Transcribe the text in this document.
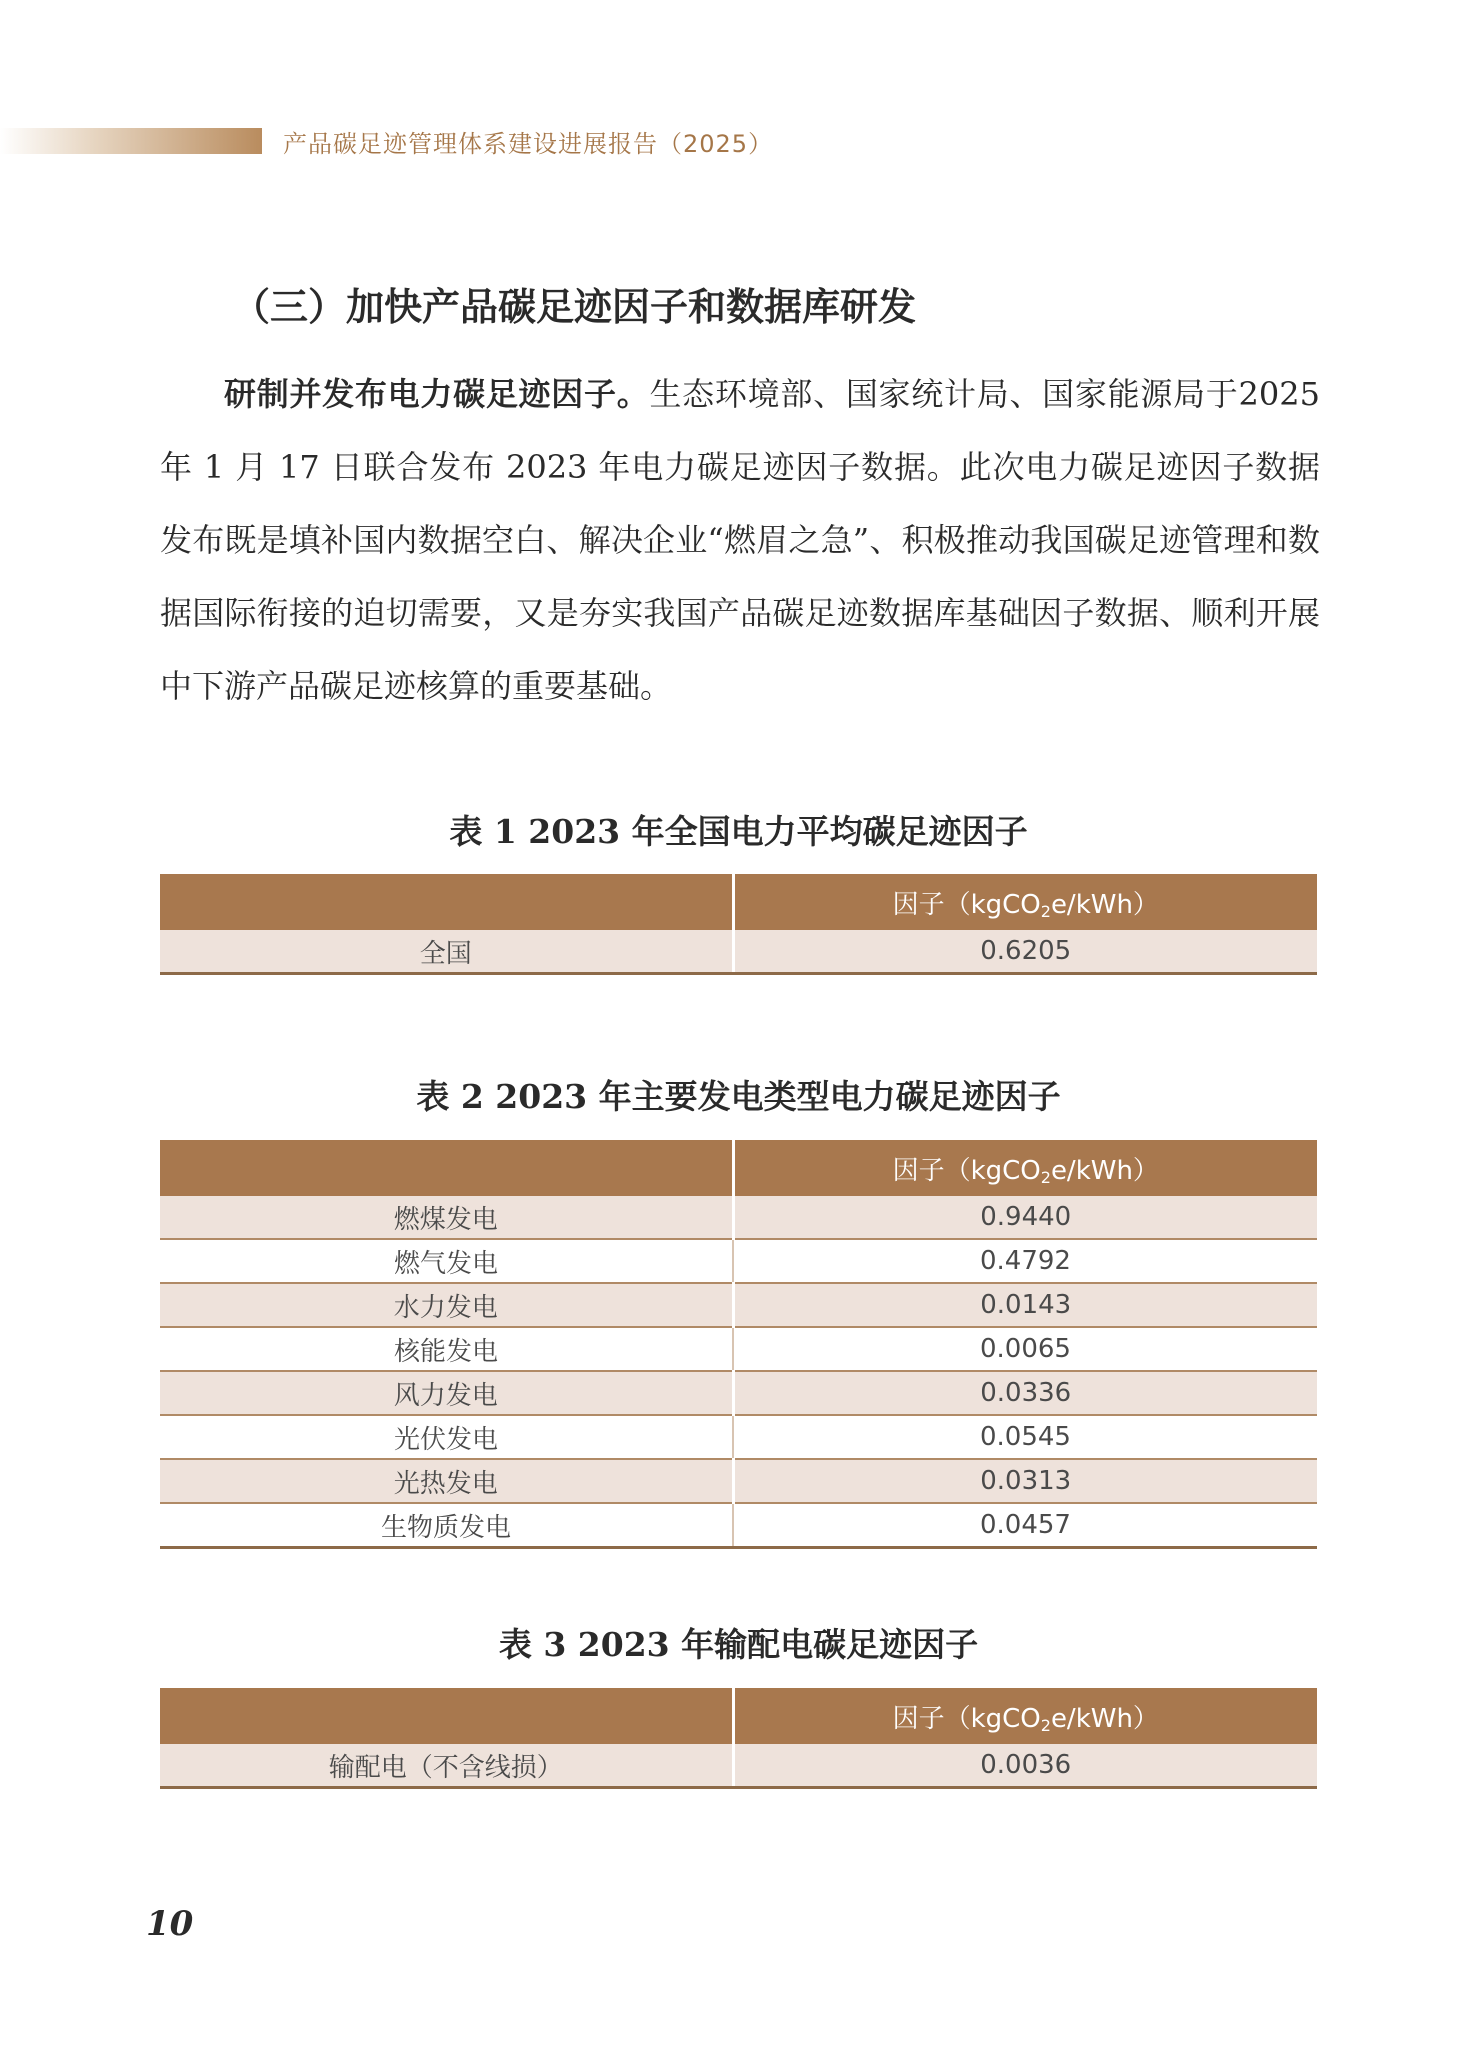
产品碳足迹管理体系建设进展报告（2025）
（三）加快产品碳足迹因子和数据库研发

研制并发布电力碳足迹因子。生态环境部、国家统计局、国家能源局于2025 年 1 月 17 日联合发布 2023 年电力碳足迹因子数据。此次电力碳足迹因子数据发布既是填补国内数据空白、解决企业“燃眉之急”、积极推动我国碳足迹管理和数据国际衔接的迫切需要，又是夯实我国产品碳足迹数据库基础因子数据、顺利开展中下游产品碳足迹核算的重要基础。

表 1 2023 年全国电力平均碳足迹因子
	因子（kgCO2e/kWh）
全国	0.6205
表 2 2023 年主要发电类型电力碳足迹因子
	因子（kgCO2e/kWh）
燃煤发电	0.9440
燃气发电	0.4792
水力发电	0.0143
核能发电	0.0065
风力发电	0.0336
光伏发电	0.0545
光热发电	0.0313
生物质发电	0.0457
表 3 2023 年输配电碳足迹因子
	因子（kgCO2e/kWh）
输配电（不含线损）	0.0036
10
